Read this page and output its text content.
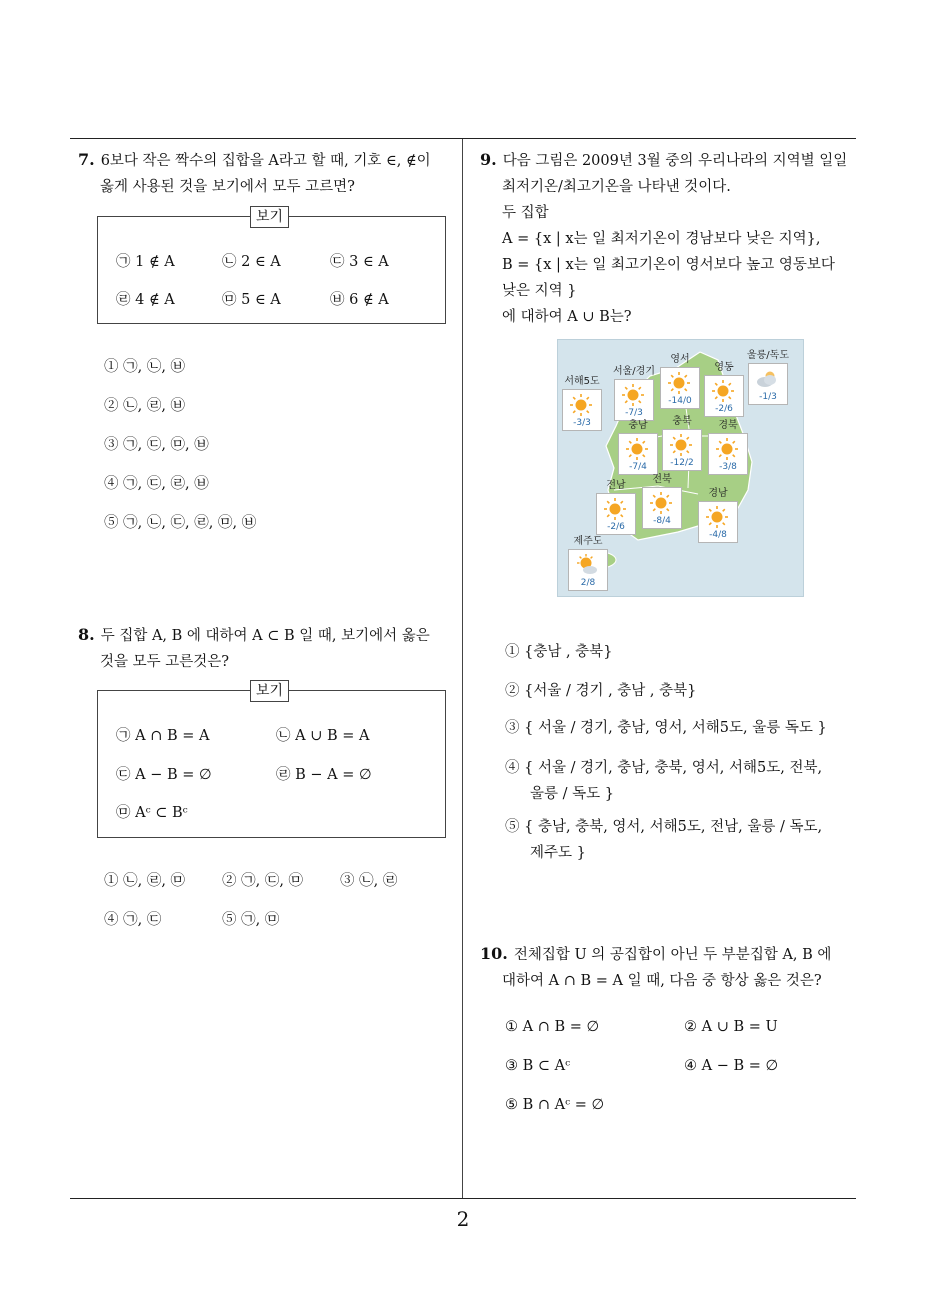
7. 6보다 작은 짝수의 집합을 A라고 할 때, 기호 ∈, ∉이
옳게 사용된 것을 보기에서 모두 고르면?
보기
㉠ 1 ∉ A	㉡ 2 ∈ A	㉢ 3 ∈ A
㉣ 4 ∉ A	㉤ 5 ∈ A	㉥ 6 ∉ A
① ㉠, ㉡, ㉥
② ㉡, ㉣, ㉥
③ ㉠, ㉢, ㉤, ㉥
④ ㉠, ㉢, ㉣, ㉥
⑤ ㉠, ㉡, ㉢, ㉣, ㉤, ㉥
8. 두 집합 A, B 에 대하여 A ⊂ B 일 때, 보기에서 옳은
것을 모두 고른것은?
보기
㉠ A ∩ B = A	㉡ A ∪ B = A
㉢ A − B = ∅	㉣ B − A = ∅
㉤ Aᶜ ⊂ Bᶜ
① ㉡, ㉣, ㉤	② ㉠, ㉢, ㉤	③ ㉡, ㉣
④ ㉠, ㉢	⑤ ㉠, ㉤
9. 다음 그림은 2009년 3월 중의 우리나라의 지역별 일일
최저기온/최고기온을 나타낸 것이다.
두 집합
A = {x | x는 일 최저기온이 경남보다 낮은 지역},
B = {x | x는 일 최고기온이 영서보다 높고 영동보다
낮은 지역 }
에 대하여 A ∪ B는?
서해5도
-3/3
서울/경기
-7/3
영서
-14/0
영동
-2/6
울릉/독도
-1/3
충남
-7/4
충북
-12/2
경북
-3/8
전남
-2/6
전북
-8/4
경남
-4/8
제주도
2/8
① {충남 , 충북}
② {서울 / 경기 , 충남 , 충북}
③ { 서울 / 경기, 충남, 영서, 서해5도, 울릉 독도 }
④ { 서울 / 경기, 충남, 충북, 영서, 서해5도, 전북,
울릉 / 독도 }
⑤ { 충남, 충북, 영서, 서해5도, 전남, 울릉 / 독도,
제주도 }
10. 전체집합 U 의 공집합이 아닌 두 부분집합 A, B 에
대하여 A ∩ B = A 일 때, 다음 중 항상 옳은 것은?
① A ∩ B = ∅	② A ∪ B = U
③ B ⊂ Aᶜ	④ A − B = ∅
⑤ B ∩ Aᶜ = ∅
2
